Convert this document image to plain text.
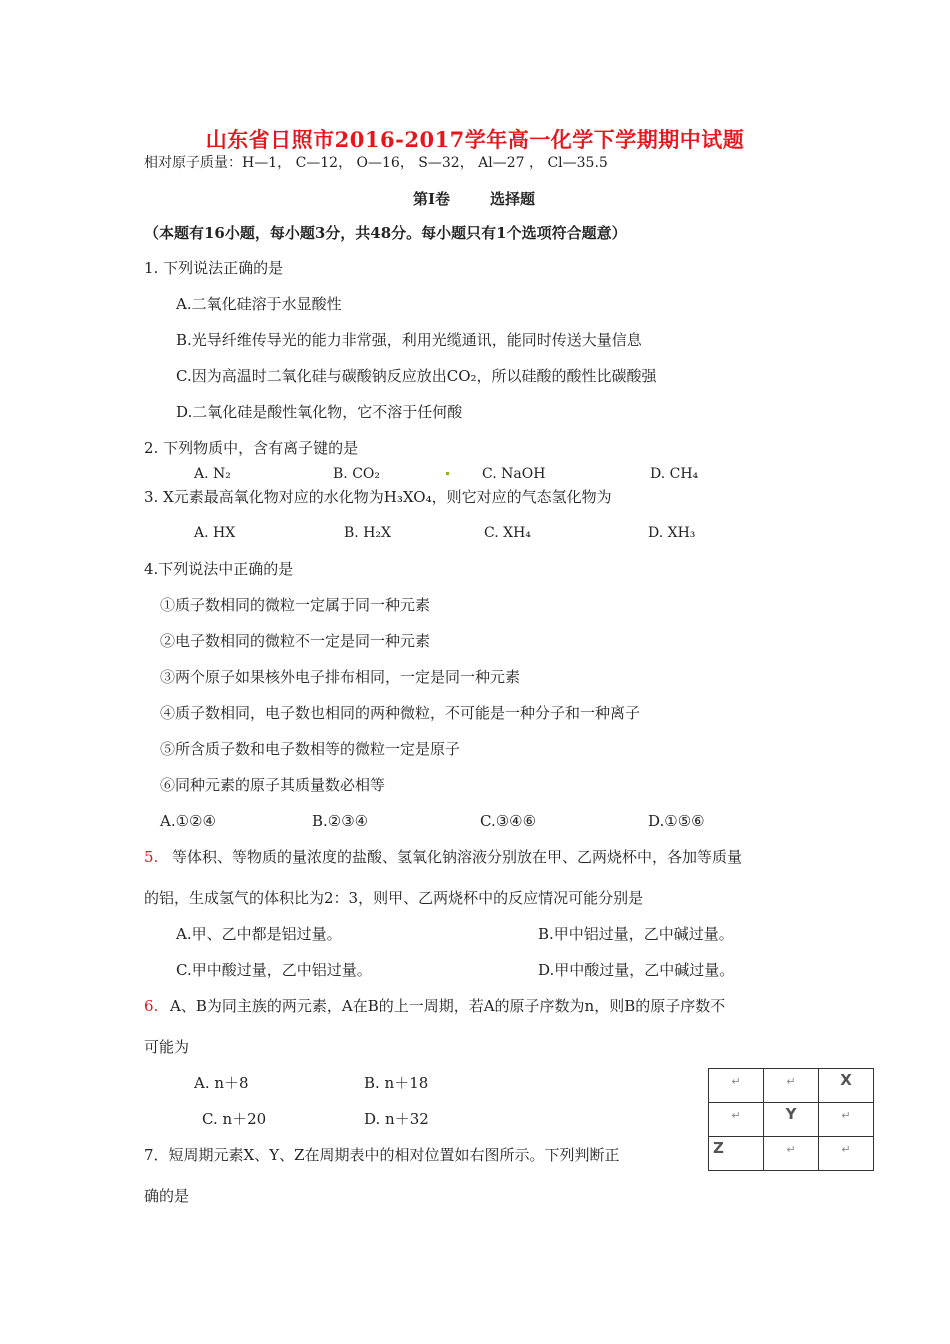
山东省日照市2016-2017学年高一化学下学期期中试题
相对原子质量：H—1， C—12， O—16， S—32， Al—27 ， Cl—35.5
第Ⅰ卷	选择题
（本题有16小题，每小题3分，共48分。每小题只有1个选项符合题意）
1. 下列说法正确的是
A.二氧化硅溶于水显酸性
B.光导纤维传导光的能力非常强，利用光缆通讯，能同时传送大量信息
C.因为高温时二氧化硅与碳酸钠反应放出CO₂，所以硅酸的酸性比碳酸强
D.二氧化硅是酸性氧化物，它不溶于任何酸
2. 下列物质中，含有离子键的是
A. N₂	B. CO₂	C. NaOH	D. CH₄
3. X元素最高氧化物对应的水化物为H₃XO₄，则它对应的气态氢化物为
A. HX	B. H₂X	C. XH₄	D. XH₃
4.下列说法中正确的是
①质子数相同的微粒一定属于同一种元素
②电子数相同的微粒不一定是同一种元素
③两个原子如果核外电子排布相同，一定是同一种元素
④质子数相同，电子数也相同的两种微粒，不可能是一种分子和一种离子
⑤所含质子数和电子数相等的微粒一定是原子
⑥同种元素的原子其质量数必相等
A.①②④	B.②③④	C.③④⑥	D.①⑤⑥
5. 等体积、等物质的量浓度的盐酸、氢氧化钠溶液分别放在甲、乙两烧杯中，各加等质量
的铝，生成氢气的体积比为2：3，则甲、乙两烧杯中的反应情况可能分别是
A.甲、乙中都是铝过量。	B.甲中铝过量，乙中碱过量。
C.甲中酸过量，乙中铝过量。	D.甲中酸过量，乙中碱过量。
6. A、B为同主族的两元素，A在B的上一周期，若A的原子序数为n，则B的原子序数不
可能为
A. n＋8	B. n＋18
C. n＋20	D. n＋32
↵	↵	X
↵	Y	↵
Z	↵	↵
7．短周期元素X、Y、Z在周期表中的相对位置如右图所示。下列判断正
确的是
